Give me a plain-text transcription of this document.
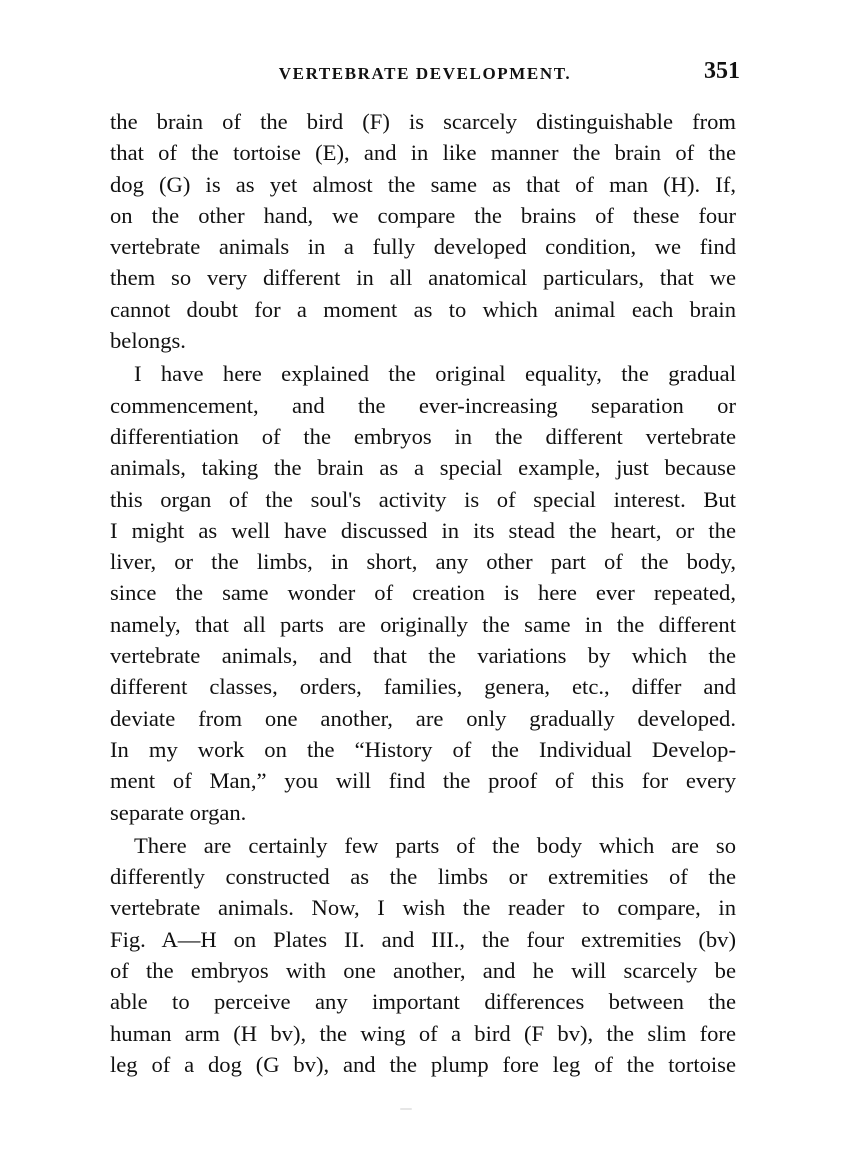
VERTEBRATE DEVELOPMENT.	351
the brain of the bird (F) is scarcely distinguishable from
that of the tortoise (E), and in like manner the brain of the
dog (G) is as yet almost the same as that of man (H). If,
on the other hand, we compare the brains of these four
vertebrate animals in a fully developed condition, we find
them so very different in all anatomical particulars, that we
cannot doubt for a moment as to which animal each brain
belongs.
I have here explained the original equality, the gradual
commencement, and the ever-increasing separation or
differentiation of the embryos in the different vertebrate
animals, taking the brain as a special example, just because
this organ of the soul's activity is of special interest. But
I might as well have discussed in its stead the heart, or the
liver, or the limbs, in short, any other part of the body,
since the same wonder of creation is here ever repeated,
namely, that all parts are originally the same in the different
vertebrate animals, and that the variations by which the
different classes, orders, families, genera, etc., differ and
deviate from one another, are only gradually developed.
In my work on the “History of the Individual Develop-
ment of Man,” you will find the proof of this for every
separate organ.
There are certainly few parts of the body which are so
differently constructed as the limbs or extremities of the
vertebrate animals. Now, I wish the reader to compare, in
Fig. A—H on Plates II. and III., the four extremities (bv)
of the embryos with one another, and he will scarcely be
able to perceive any important differences between the
human arm (H bv), the wing of a bird (F bv), the slim fore
leg of a dog (G bv), and the plump fore leg of the tortoise
